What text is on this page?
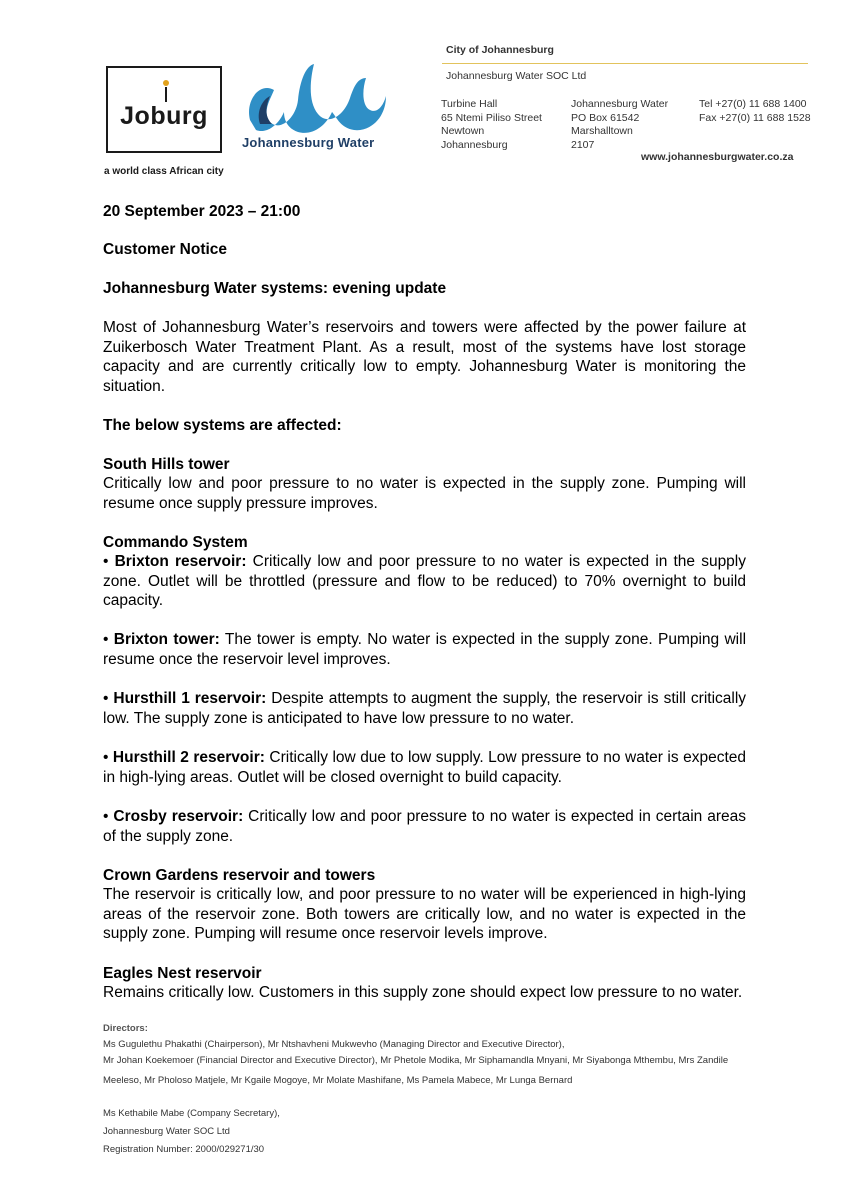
Joburg
a world class African city
Johannesburg Water
City of Johannesburg
Johannesburg Water SOC Ltd
Turbine Hall
65 Ntemi Piliso Street
Newtown
Johannesburg
Johannesburg Water
PO Box 61542
Marshalltown
2107
Tel +27(0) 11 688 1400
Fax +27(0) 11 688 1528
www.johannesburgwater.co.za
20 September 2023 – 21:00
Customer Notice
Johannesburg Water systems: evening update
Most of Johannesburg Water’s reservoirs and towers were affected by the power failure at Zuikerbosch Water Treatment Plant. As a result, most of the systems have lost storage capacity and are currently critically low to empty. Johannesburg Water is monitoring the situation.
The below systems are affected:
South Hills tower
Critically low and poor pressure to no water is expected in the supply zone. Pumping will resume once supply pressure improves.
Commando System
• Brixton reservoir: Critically low and poor pressure to no water is expected in the supply zone. Outlet will be throttled (pressure and flow to be reduced) to 70% overnight to build capacity.
• Brixton tower: The tower is empty. No water is expected in the supply zone. Pumping will resume once the reservoir level improves.
• Hursthill 1 reservoir: Despite attempts to augment the supply, the reservoir is still critically low. The supply zone is anticipated to have low pressure to no water.
• Hursthill 2 reservoir: Critically low due to low supply. Low pressure to no water is expected in high-lying areas. Outlet will be closed overnight to build capacity.
• Crosby reservoir: Critically low and poor pressure to no water is expected in certain areas of the supply zone.
Crown Gardens reservoir and towers
The reservoir is critically low, and poor pressure to no water will be experienced in high-lying areas of the reservoir zone. Both towers are critically low, and no water is expected in the supply zone. Pumping will resume once reservoir levels improve.
Eagles Nest reservoir
Remains critically low. Customers in this supply zone should expect low pressure to no water.
Directors:
Ms Gugulethu Phakathi (Chairperson), Mr Ntshavheni Mukwevho (Managing Director and Executive Director),
Mr Johan Koekemoer (Financial Director and Executive Director), Mr Phetole Modika, Mr Siphamandla Mnyani, Mr Siyabonga Mthembu, Mrs Zandile Meeleso, Mr Pholoso Matjele, Mr Kgaile Mogoye, Mr Molate Mashifane, Ms Pamela Mabece, Mr Lunga Bernard
Ms Kethabile Mabe (Company Secretary),
Johannesburg Water SOC Ltd
Registration Number: 2000/029271/30
